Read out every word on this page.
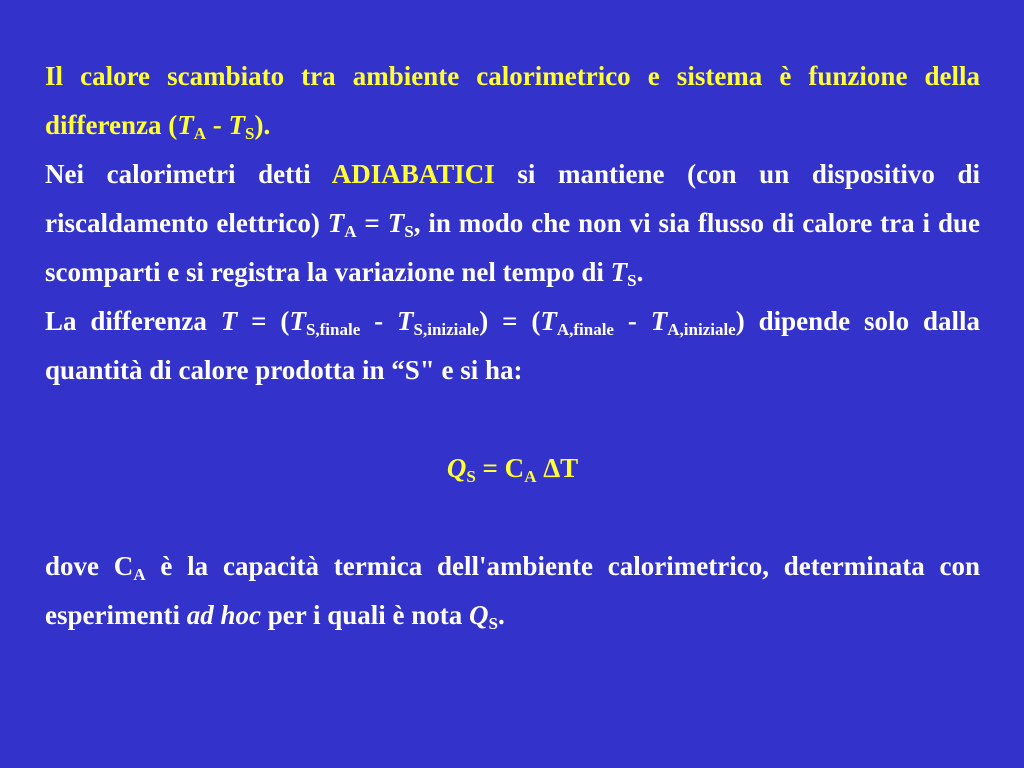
Il calore scambiato tra ambiente calorimetrico e sistema è funzione della differenza $(T_A - T_S)$.

Nei calorimetri detti ADIABATICI si mantiene (con un dispositivo di riscaldamento elettrico) $T_A = T_S$, in modo che non vi sia flusso di calore tra i due scomparti e si registra la variazione nel tempo di $T_S$.

La differenza $T = (T_{S,finale} - T_{S,iniziale}) = (T_{A,finale} - T_{A,iniziale})$ dipende solo dalla quantità di calore prodotta in “S" e si ha:

$Q_S = C_A$ ΔT

dove $C_A$ è la capacità termica dell'ambiente calorimetrico, determinata con esperimenti ad hoc per i quali è nota $Q_S$.
